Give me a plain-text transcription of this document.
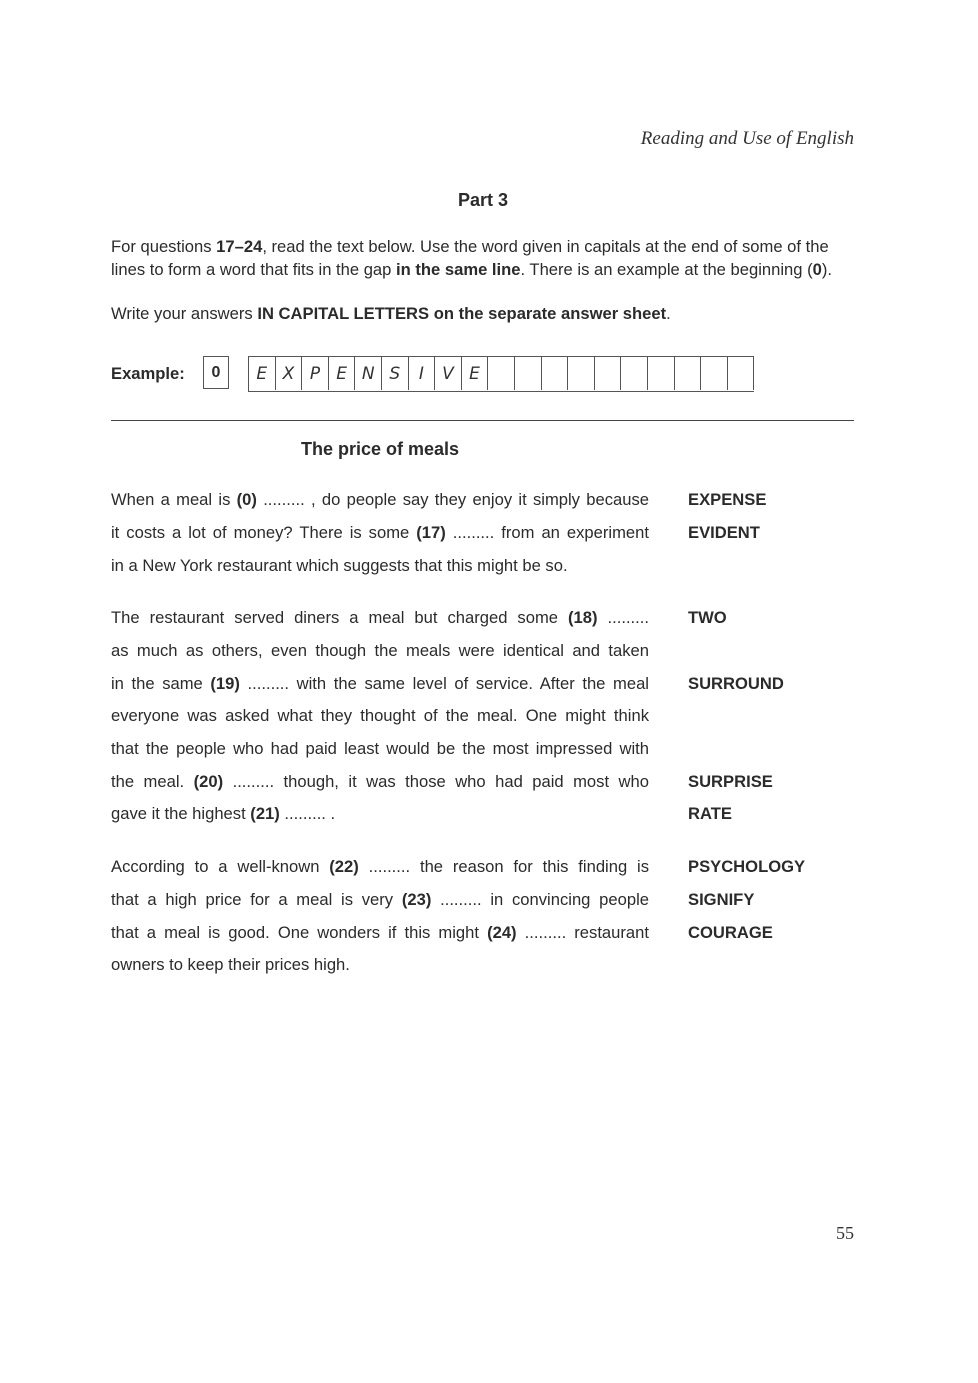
Reading and Use of English
Part 3
For questions 17–24, read the text below. Use the word given in capitals at the end of some of the lines to form a word that fits in the gap in the same line. There is an example at the beginning (0).
Write your answers IN CAPITAL LETTERS on the separate answer sheet.
Example:	0	E X P E N S	I	V E
The price of meals
When a meal is (0) ......... , do people say they enjoy it simply because EXPENSE
it costs a lot of money? There is some (17) ......... from an experiment EVIDENT
in a New York restaurant which suggests that this might be so.
The restaurant served diners a meal but charged some (18) ......... TWO
as much as others, even though the meals were identical and taken
in the same (19) ......... with the same level of service. After the meal SURROUND
everyone was asked what they thought of the meal. One might think
that the people who had paid least would be the most impressed with
the meal. (20) ......... though, it was those who had paid most who SURPRISE
gave it the highest (21) ......... .	RATE
According to a well-known (22) ......... the reason for this finding is PSYCHOLOGY
that a high price for a meal is very (23) ......... in convincing people SIGNIFY
that a meal is good. One wonders if this might (24) ......... restaurant COURAGE
owners to keep their prices high.
55
